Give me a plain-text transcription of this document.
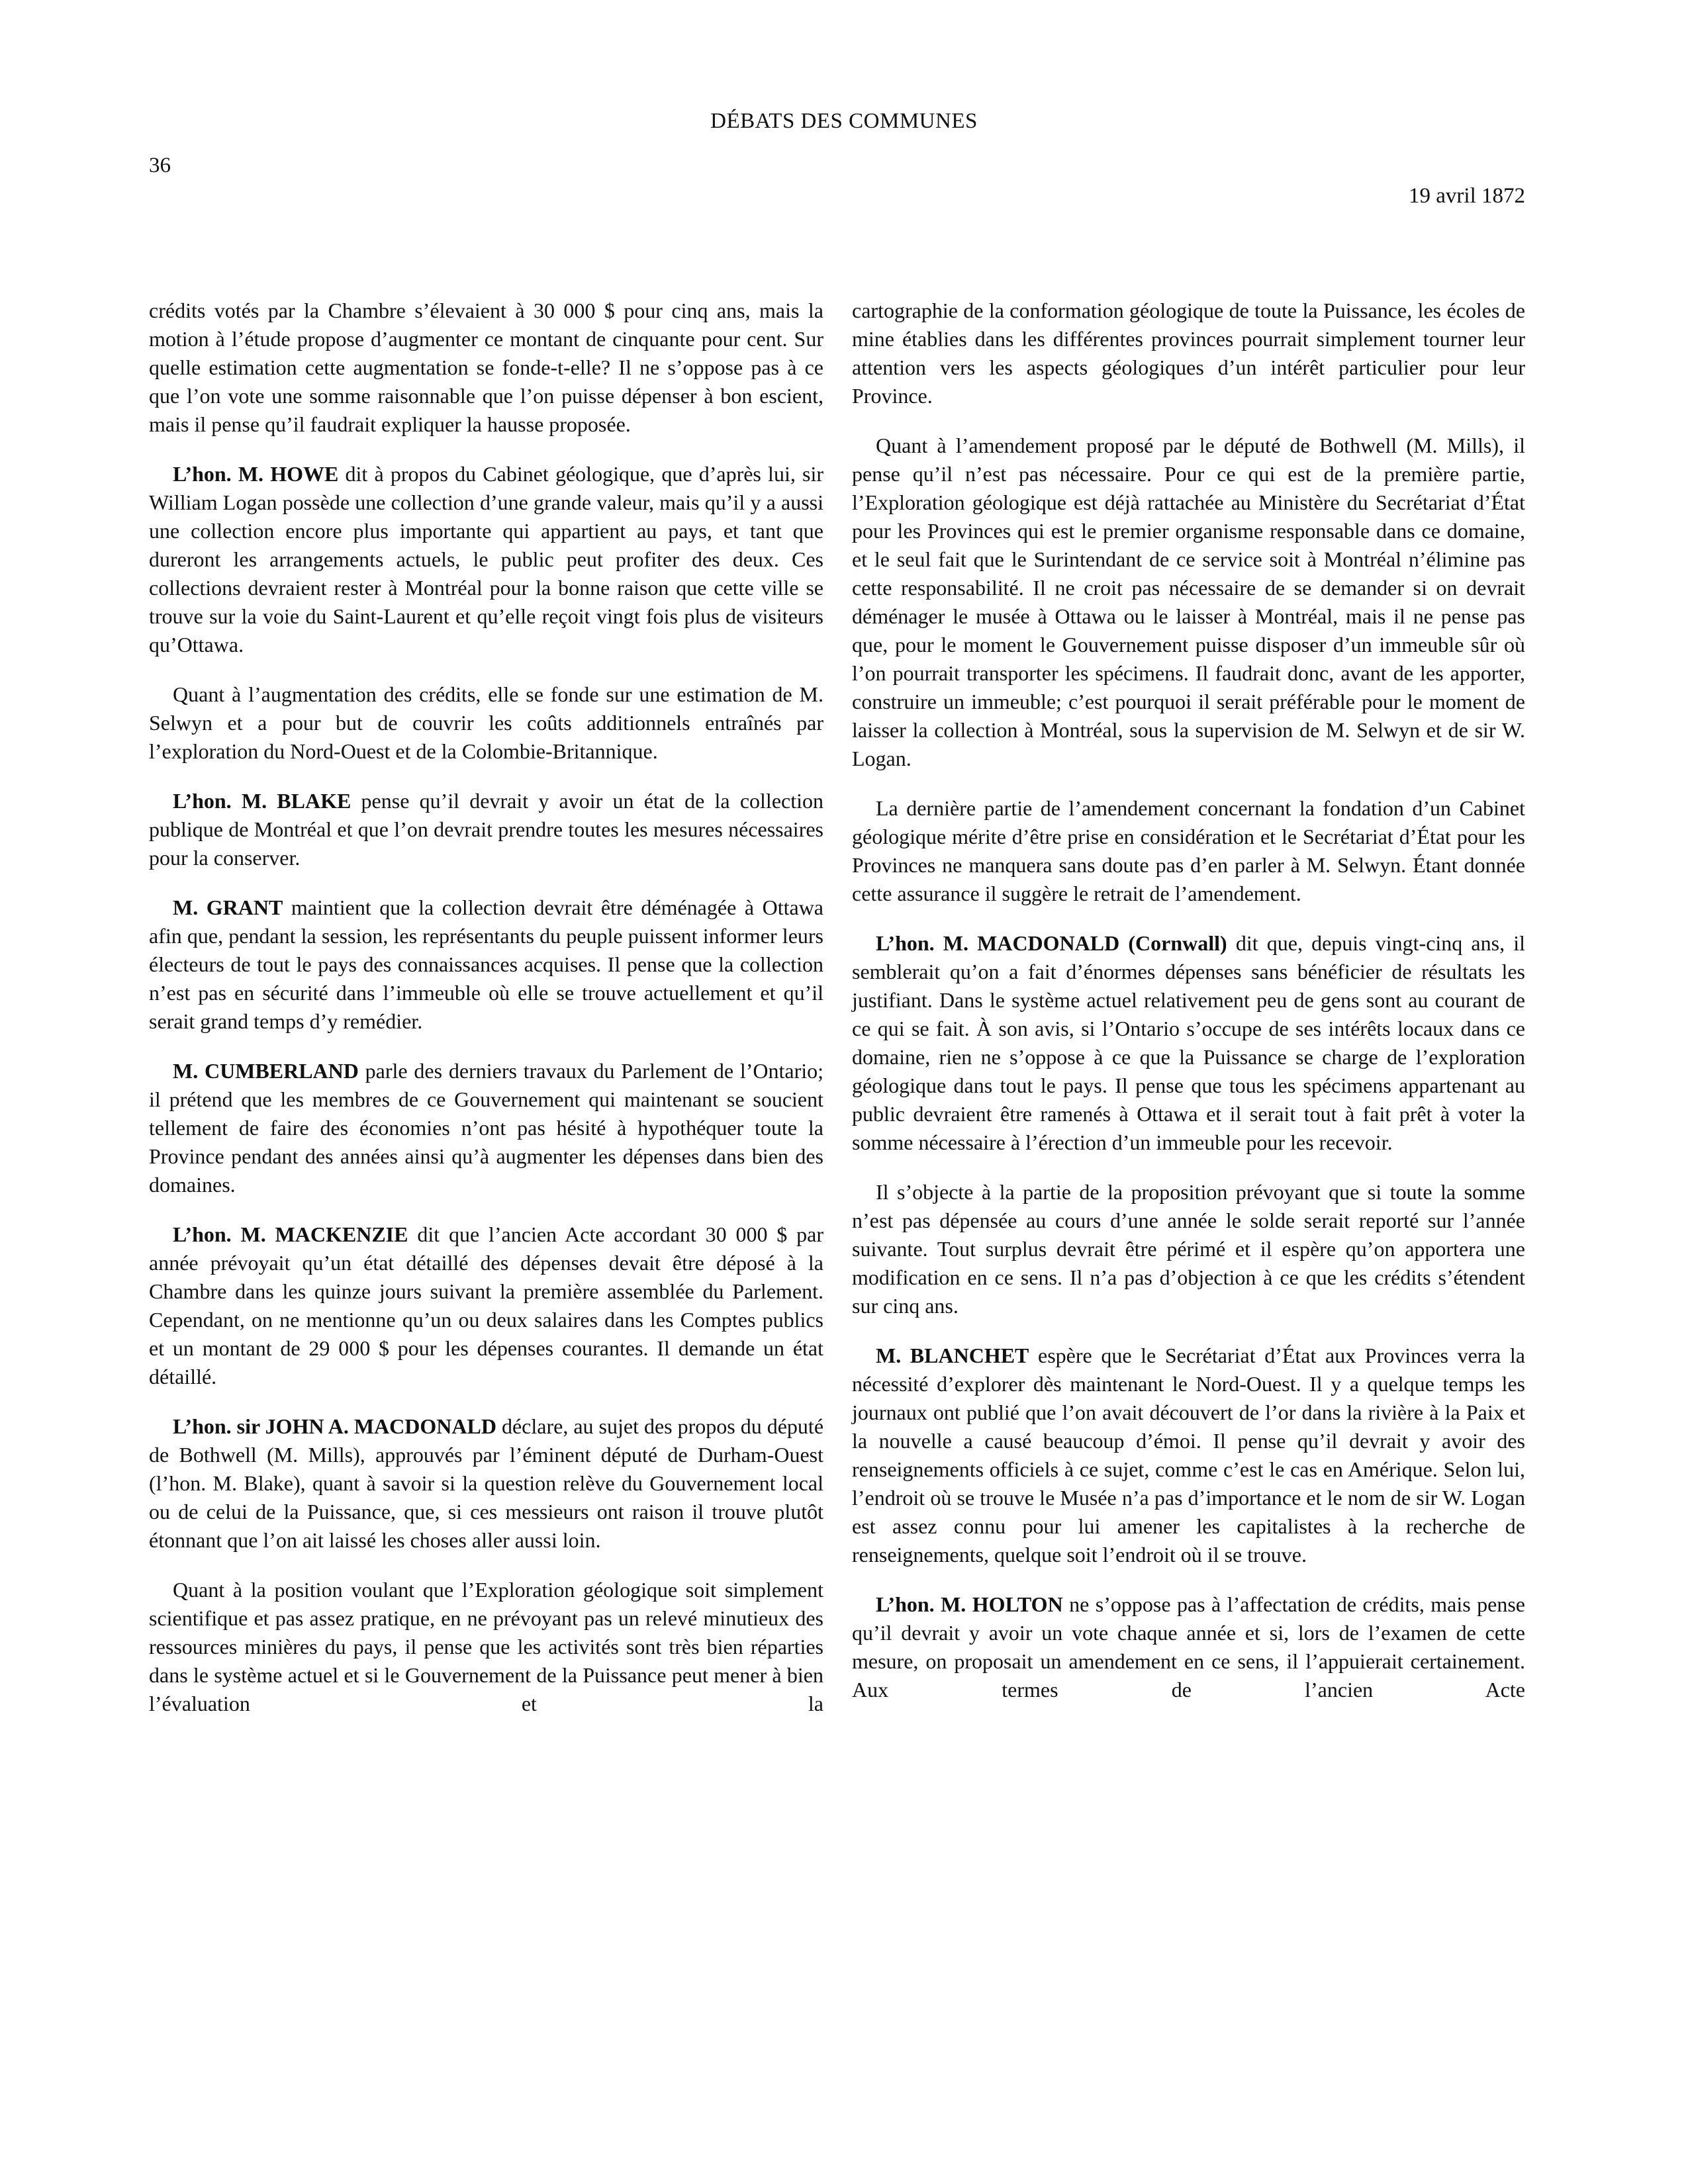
DÉBATS DES COMMUNES
36
19 avril 1872

crédits votés par la Chambre s’élevaient à 30 000 $ pour cinq ans, mais la motion à l’étude propose d’augmenter ce montant de cinquante pour cent. Sur quelle estimation cette augmentation se fonde-t-elle? Il ne s’oppose pas à ce que l’on vote une somme raisonnable que l’on puisse dépenser à bon escient, mais il pense qu’il faudrait expliquer la hausse proposée.

L’hon. M. HOWE dit à propos du Cabinet géologique, que d’après lui, sir William Logan possède une collection d’une grande valeur, mais qu’il y a aussi une collection encore plus importante qui appartient au pays, et tant que dureront les arrangements actuels, le public peut profiter des deux. Ces collections devraient rester à Montréal pour la bonne raison que cette ville se trouve sur la voie du Saint-Laurent et qu’elle reçoit vingt fois plus de visiteurs qu’Ottawa.

Quant à l’augmentation des crédits, elle se fonde sur une estimation de M. Selwyn et a pour but de couvrir les coûts additionnels entraînés par l’exploration du Nord-Ouest et de la Colombie-Britannique.

L’hon. M. BLAKE pense qu’il devrait y avoir un état de la collection publique de Montréal et que l’on devrait prendre toutes les mesures nécessaires pour la conserver.

M. GRANT maintient que la collection devrait être déménagée à Ottawa afin que, pendant la session, les représentants du peuple puissent informer leurs électeurs de tout le pays des connaissances acquises. Il pense que la collection n’est pas en sécurité dans l’immeuble où elle se trouve actuellement et qu’il serait grand temps d’y remédier.

M. CUMBERLAND parle des derniers travaux du Parlement de l’Ontario; il prétend que les membres de ce Gouvernement qui maintenant se soucient tellement de faire des économies n’ont pas hésité à hypothéquer toute la Province pendant des années ainsi qu’à augmenter les dépenses dans bien des domaines.

L’hon. M. MACKENZIE dit que l’ancien Acte accordant 30 000 $ par année prévoyait qu’un état détaillé des dépenses devait être déposé à la Chambre dans les quinze jours suivant la première assemblée du Parlement. Cependant, on ne mentionne qu’un ou deux salaires dans les Comptes publics et un montant de 29 000 $ pour les dépenses courantes. Il demande un état détaillé.

L’hon. sir JOHN A. MACDONALD déclare, au sujet des propos du député de Bothwell (M. Mills), approuvés par l’éminent député de Durham-Ouest (l’hon. M. Blake), quant à savoir si la question relève du Gouvernement local ou de celui de la Puissance, que, si ces messieurs ont raison il trouve plutôt étonnant que l’on ait laissé les choses aller aussi loin.

Quant à la position voulant que l’Exploration géologique soit simplement scientifique et pas assez pratique, en ne prévoyant pas un relevé minutieux des ressources minières du pays, il pense que les activités sont très bien réparties dans le système actuel et si le Gouvernement de la Puissance peut mener à bien l’évaluation et la

cartographie de la conformation géologique de toute la Puissance, les écoles de mine établies dans les différentes provinces pourrait simplement tourner leur attention vers les aspects géologiques d’un intérêt particulier pour leur Province.

Quant à l’amendement proposé par le député de Bothwell (M. Mills), il pense qu’il n’est pas nécessaire. Pour ce qui est de la première partie, l’Exploration géologique est déjà rattachée au Ministère du Secrétariat d’État pour les Provinces qui est le premier organisme responsable dans ce domaine, et le seul fait que le Surintendant de ce service soit à Montréal n’élimine pas cette responsabilité. Il ne croit pas nécessaire de se demander si on devrait déménager le musée à Ottawa ou le laisser à Montréal, mais il ne pense pas que, pour le moment le Gouvernement puisse disposer d’un immeuble sûr où l’on pourrait transporter les spécimens. Il faudrait donc, avant de les apporter, construire un immeuble; c’est pourquoi il serait préférable pour le moment de laisser la collection à Montréal, sous la supervision de M. Selwyn et de sir W. Logan.

La dernière partie de l’amendement concernant la fondation d’un Cabinet géologique mérite d’être prise en considération et le Secrétariat d’État pour les Provinces ne manquera sans doute pas d’en parler à M. Selwyn. Étant donnée cette assurance il suggère le retrait de l’amendement.

L’hon. M. MACDONALD (Cornwall) dit que, depuis vingt-cinq ans, il semblerait qu’on a fait d’énormes dépenses sans bénéficier de résultats les justifiant. Dans le système actuel relativement peu de gens sont au courant de ce qui se fait. À son avis, si l’Ontario s’occupe de ses intérêts locaux dans ce domaine, rien ne s’oppose à ce que la Puissance se charge de l’exploration géologique dans tout le pays. Il pense que tous les spécimens appartenant au public devraient être ramenés à Ottawa et il serait tout à fait prêt à voter la somme nécessaire à l’érection d’un immeuble pour les recevoir.

Il s’objecte à la partie de la proposition prévoyant que si toute la somme n’est pas dépensée au cours d’une année le solde serait reporté sur l’année suivante. Tout surplus devrait être périmé et il espère qu’on apportera une modification en ce sens. Il n’a pas d’objection à ce que les crédits s’étendent sur cinq ans.

M. BLANCHET espère que le Secrétariat d’État aux Provinces verra la nécessité d’explorer dès maintenant le Nord-Ouest. Il y a quelque temps les journaux ont publié que l’on avait découvert de l’or dans la rivière à la Paix et la nouvelle a causé beaucoup d’émoi. Il pense qu’il devrait y avoir des renseignements officiels à ce sujet, comme c’est le cas en Amérique. Selon lui, l’endroit où se trouve le Musée n’a pas d’importance et le nom de sir W. Logan est assez connu pour lui amener les capitalistes à la recherche de renseignements, quelque soit l’endroit où il se trouve.

L’hon. M. HOLTON ne s’oppose pas à l’affectation de crédits, mais pense qu’il devrait y avoir un vote chaque année et si, lors de l’examen de cette mesure, on proposait un amendement en ce sens, il l’appuierait certainement. Aux termes de l’ancien Acte
